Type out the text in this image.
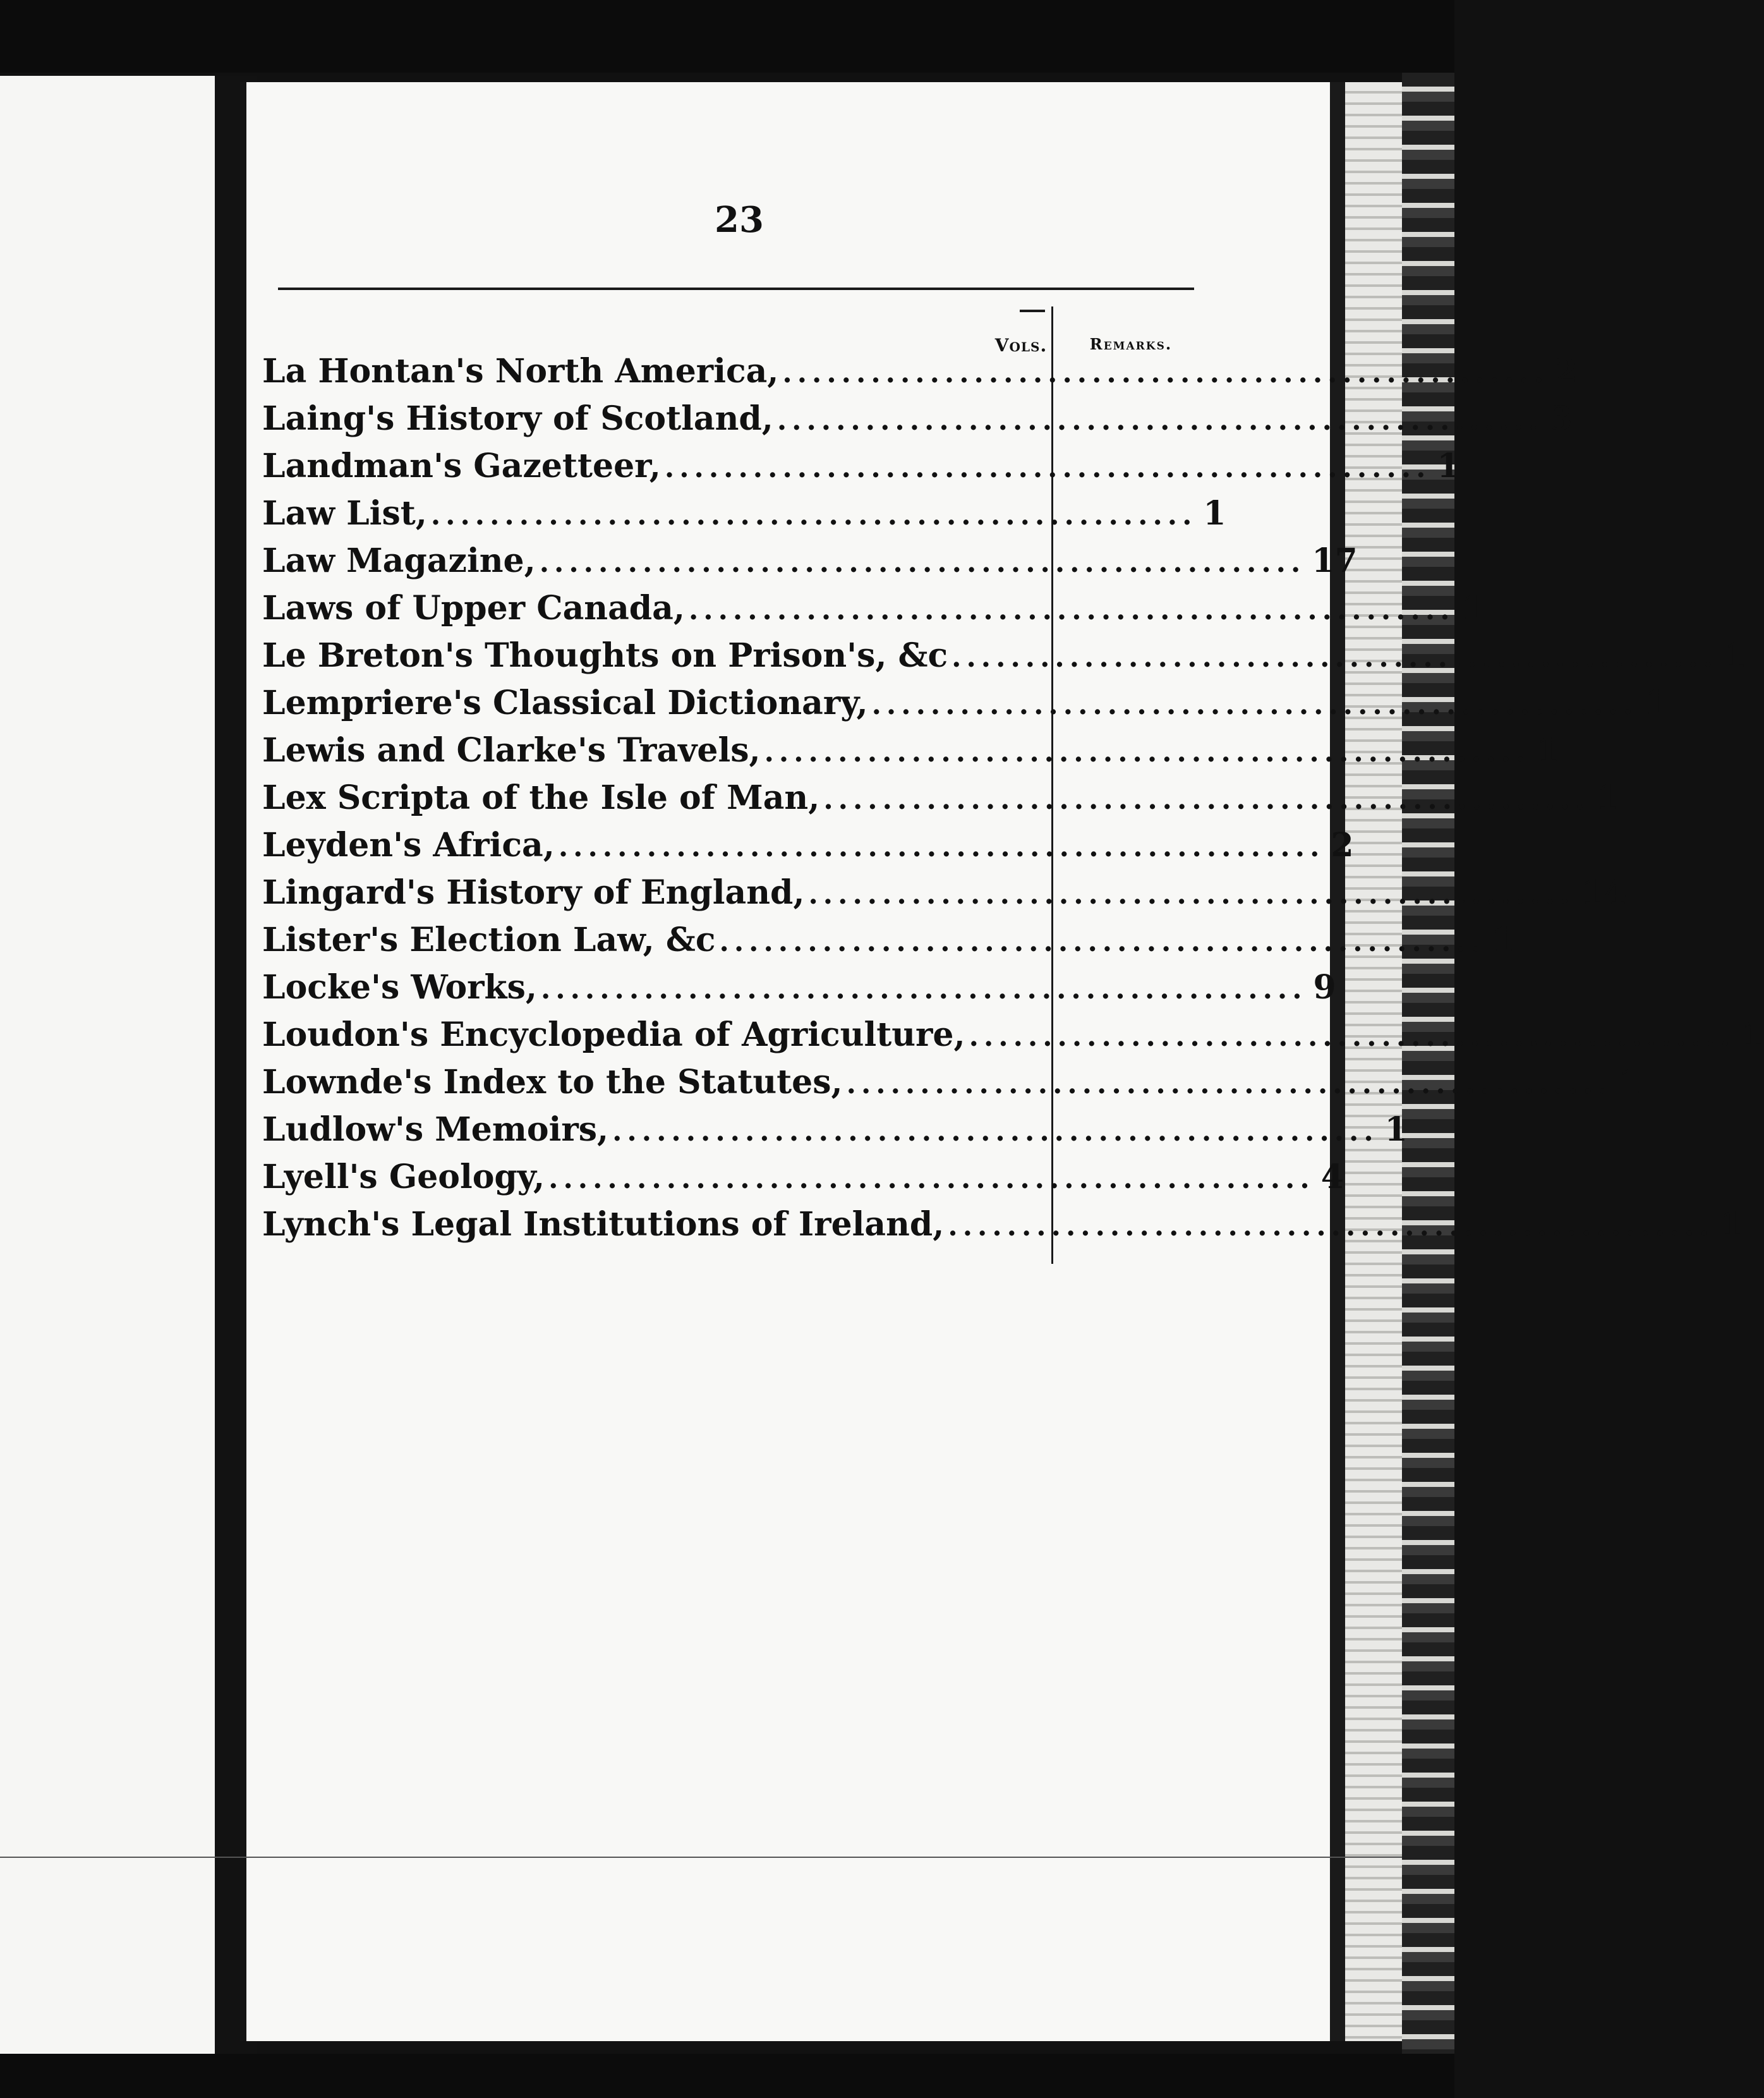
23
Vols.	Remarks.
La Hontan's North America, .................................................... 2
Laing's History of Scotland, .................................................... 3
Landman's Gazetteer, .................................................... 1
Law List, .................................................... 1
Law Magazine, .................................................... 17
Laws of Upper Canada, .................................................... 1
Le Breton's Thoughts on Prison's, &c .................................................... 1
Lempriere's Classical Dictionary, .................................................... 1
Lewis and Clarke's Travels, .................................................... 1
Lex Scripta of the Isle of Man, .................................................... 1
Leyden's Africa, .................................................... 2
Lingard's History of England, .................................................... 14
Lister's Election Law, &c .................................................... 1
Locke's Works, .................................................... 9
Loudon's Encyclopedia of Agriculture, .................................................... 1
Lownde's Index to the Statutes, .................................................... 1
Ludlow's Memoirs, .................................................... 1
Lyell's Geology, .................................................... 4
Lynch's Legal Institutions of Ireland, .................................................... 1
